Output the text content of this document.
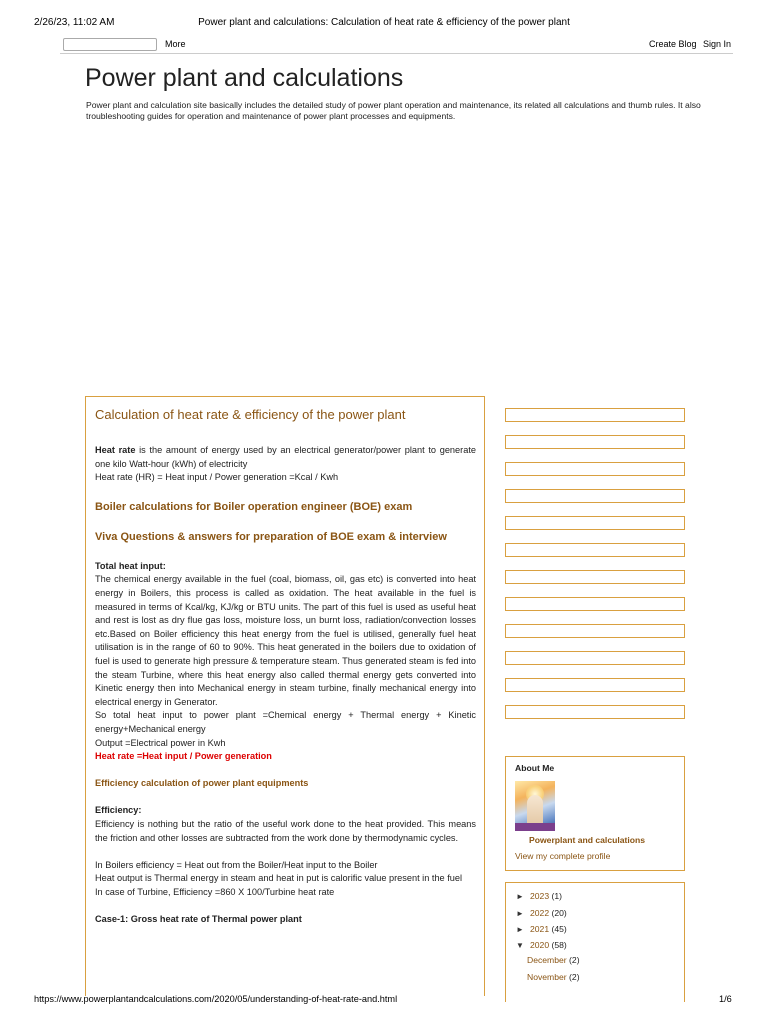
2/26/23, 11:02 AM	Power plant and calculations: Calculation of heat rate & efficiency of the power plant
More	Create Blog Sign In
Power plant and calculations
Power plant and calculation site basically includes the detailed study of power plant operation and maintenance, its related all calculations and thumb rules. It also troubleshooting guides for operation and maintenance of power plant processes and equipments.
Calculation of heat rate & efficiency of the power plant

Heat rate is the amount of energy used by an electrical generator/power plant to generate one kilo Watt-hour (kWh) of electricity

Heat rate (HR) = Heat input / Power generation =Kcal / Kwh

Boiler calculations for Boiler operation engineer (BOE) exam
Viva Questions & answers for preparation of BOE exam & interview

Total heat input:

The chemical energy available in the fuel (coal, biomass, oil, gas etc) is converted into heat energy in Boilers, this process is called as oxidation. The heat available in the fuel is measured in terms of Kcal/kg, KJ/kg or BTU units. The part of this fuel is used as useful heat and rest is lost as dry flue gas loss, moisture loss, un burnt loss, radiation/convection losses etc.Based on Boiler efficiency this heat energy from the fuel is utilised, generally fuel heat utilisation is in the range of 60 to 90%. This heat generated in the boilers due to oxidation of fuel is used to generate high pressure & temperature steam. Thus generated steam is fed into the steam Turbine, where this heat energy also called thermal energy gets converted into Kinetic energy then into Mechanical energy in steam turbine, finally mechanical energy into electrical energy in Generator.

So total heat input to power plant =Chemical energy + Thermal energy + Kinetic energy+Mechanical energy

Output =Electrical power in Kwh

Heat rate =Heat input / Power generation

Efficiency calculation of power plant equipments

Efficiency:

Efficiency is nothing but the ratio of the useful work done to the heat provided. This means the friction and other losses are subtracted from the work done by thermodynamic cycles.

In Boilers efficiency = Heat out from the Boiler/Heat input to the Boiler

Heat output is Thermal energy in steam and heat in put is calorific value present in the fuel

In case of Turbine, Efficiency =860 X 100/Turbine heat rate

Case-1: Gross heat rate of Thermal power plant

About Me
Powerplant and calculations
View my complete profile
► 2023 (1)
► 2022 (20)
► 2021 (45)
▼ 2020 (58)
December (2)
November (2)
https://www.powerplantandcalculations.com/2020/05/understanding-of-heat-rate-and.html	1/6
